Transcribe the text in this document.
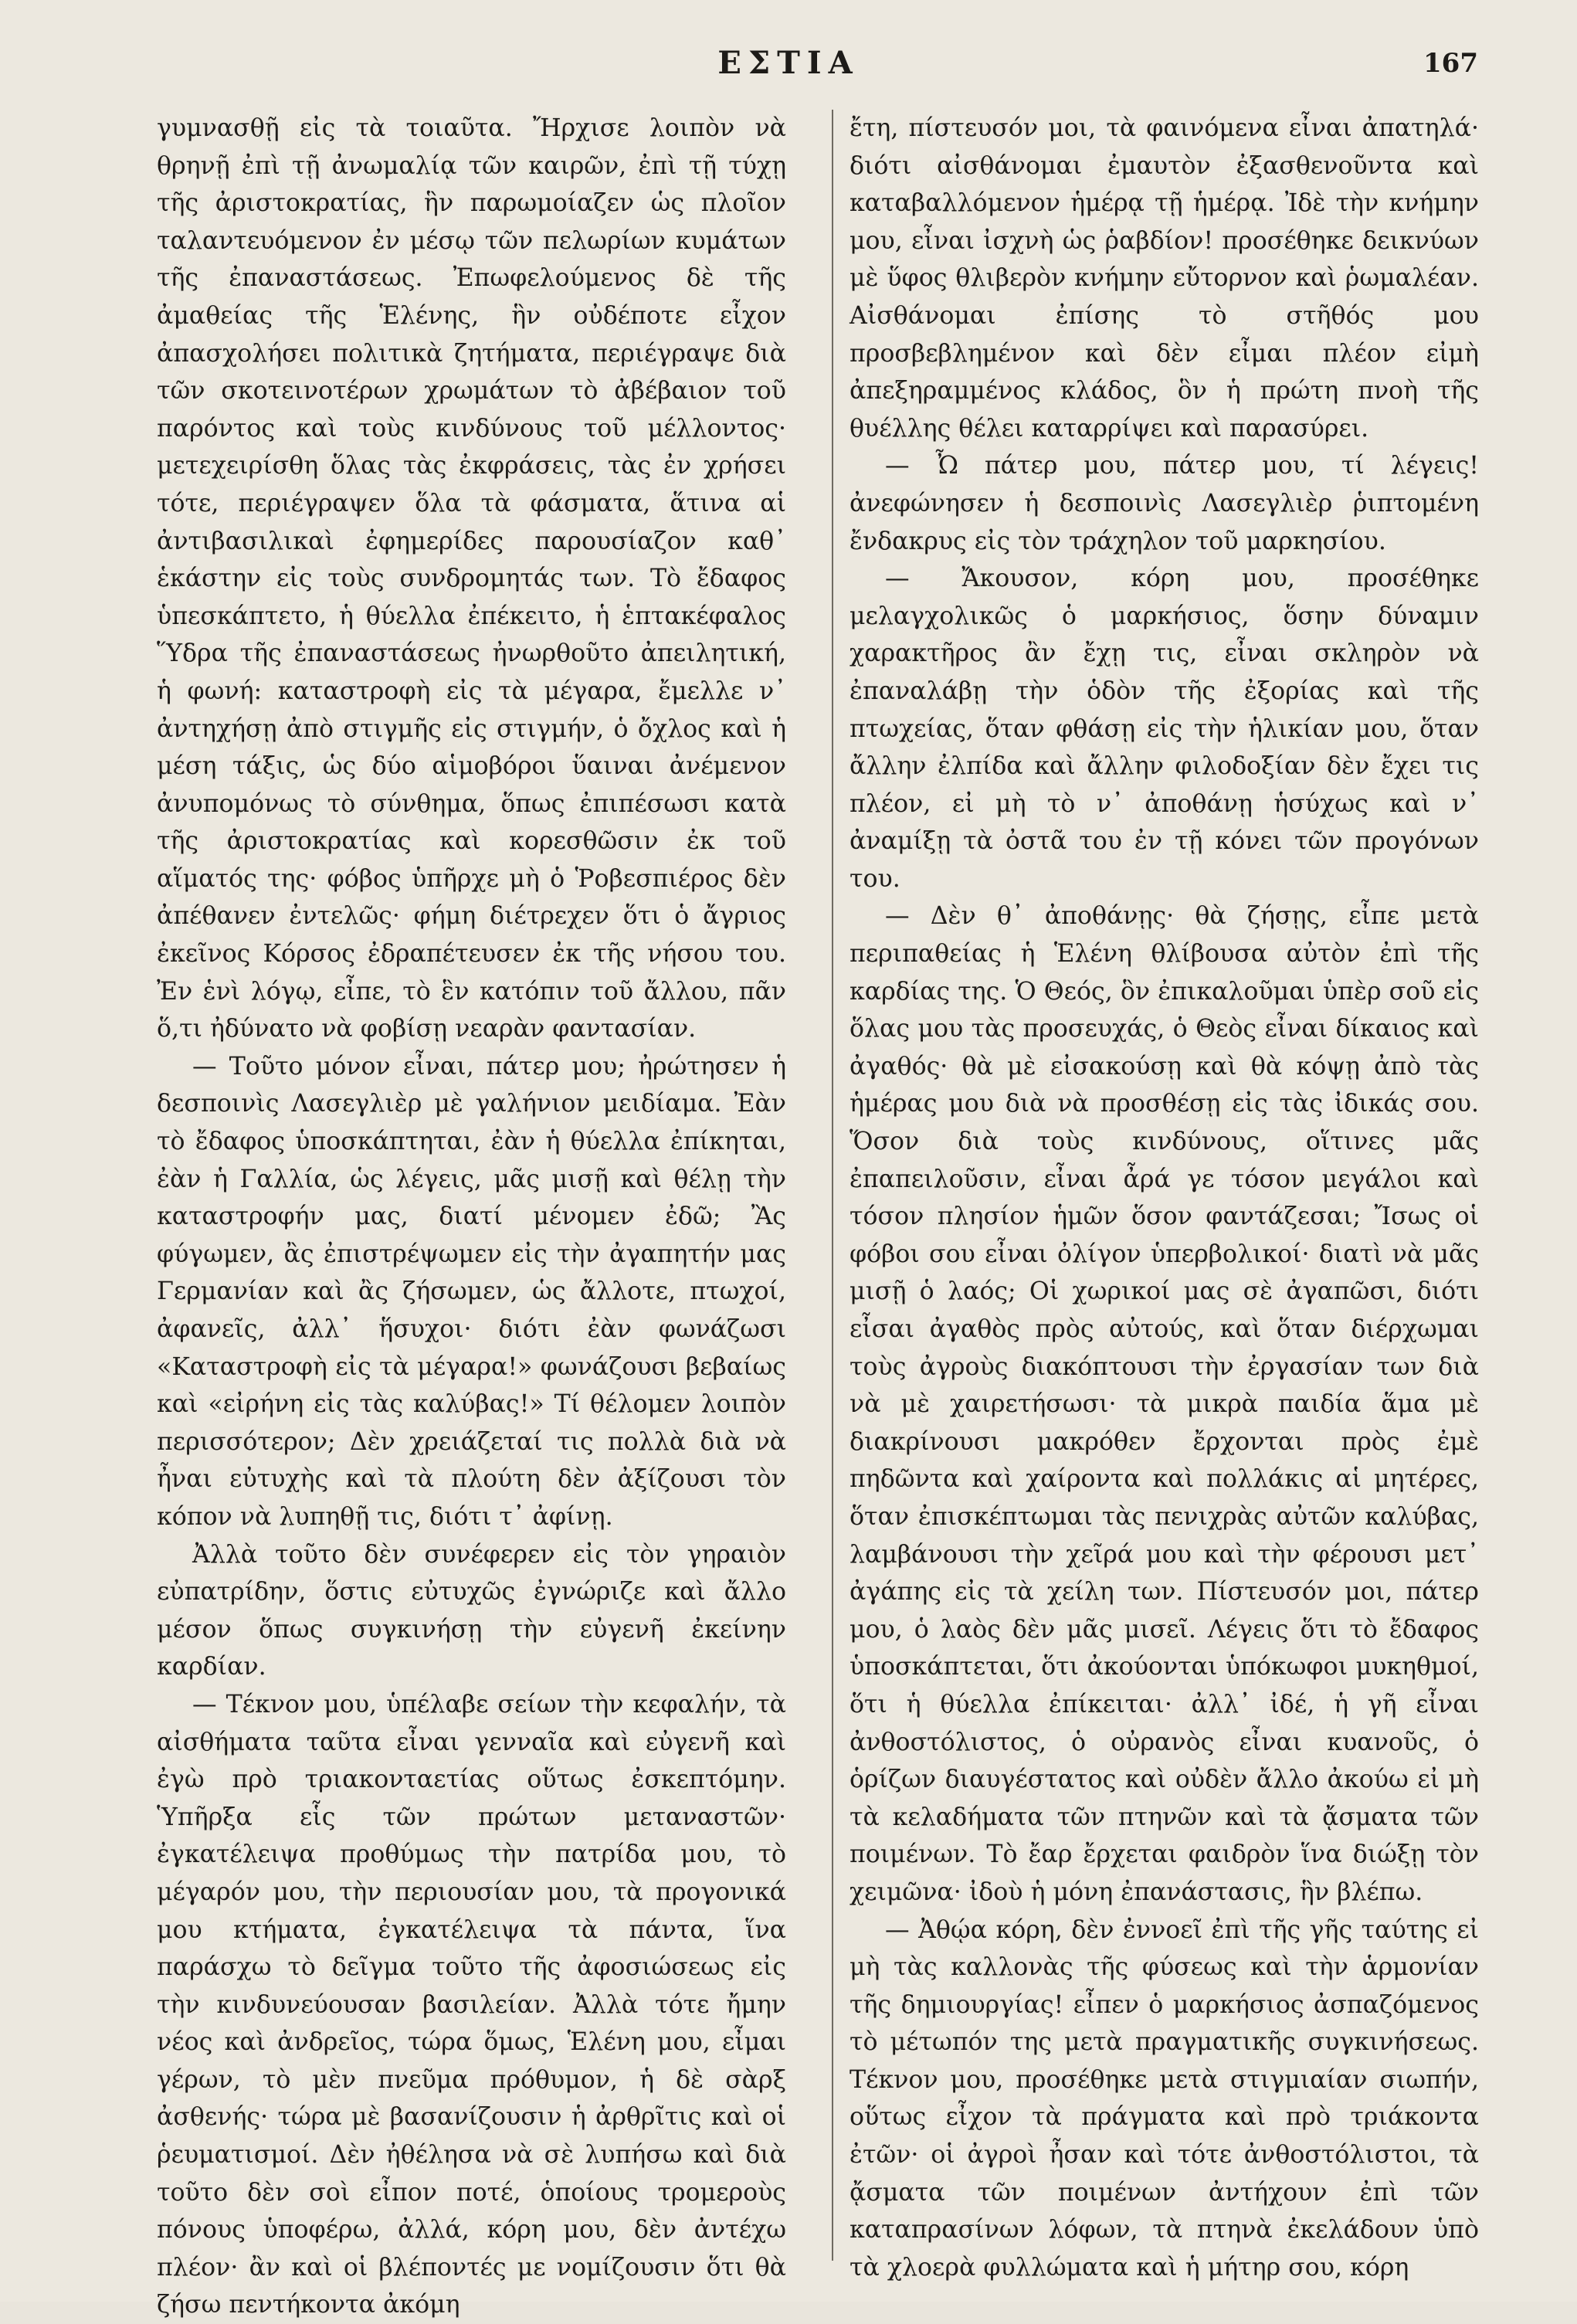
ΕΣΤΙΑ	167

γυμνασθῇ εἰς τὰ τοιαῦτα. Ἤρχισε λοιπὸν νὰ θρηνῇ ἐπὶ τῇ ἀνωμαλίᾳ τῶν καιρῶν, ἐπὶ τῇ τύχῃ τῆς ἀριστοκρατίας, ἣν παρωμοίαζεν ὡς πλοῖον ταλαντευόμενον ἐν μέσῳ τῶν πελωρίων κυμάτων τῆς ἐπαναστάσεως. Ἐπωφελούμενος δὲ τῆς ἀμαθείας τῆς Ἑλένης, ἣν οὐδέποτε εἶχον ἀπασχολήσει πολιτικὰ ζητήματα, περιέγραψε διὰ τῶν σκοτεινοτέρων χρωμάτων τὸ ἀβέβαιον τοῦ παρόντος καὶ τοὺς κινδύνους τοῦ μέλλοντος· μετεχειρίσθη ὅλας τὰς ἐκφράσεις, τὰς ἐν χρήσει τότε, περιέγραψεν ὅλα τὰ φάσματα, ἅτινα αἱ ἀντιβασιλικαὶ ἐφημερίδες παρουσίαζον καθ᾽ ἑκάστην εἰς τοὺς συνδρομητάς των. Τὸ ἔδαφος ὑπεσκάπτετο, ἡ θύελλα ἐπέκειτο, ἡ ἑπτακέφαλος Ὕδρα τῆς ἐπαναστάσεως ἠνωρθοῦτο ἀπειλητική, ἡ φωνή: καταστροφὴ εἰς τὰ μέγαρα, ἔμελλε ν᾽ ἀντηχήσῃ ἀπὸ στιγμῆς εἰς στιγμήν, ὁ ὄχλος καὶ ἡ μέση τάξις, ὡς δύο αἱμοβόροι ὕαιναι ἀνέμενον ἀνυπομόνως τὸ σύνθημα, ὅπως ἐπιπέσωσι κατὰ τῆς ἀριστοκρατίας καὶ κορεσθῶσιν ἐκ τοῦ αἵματός της· φόβος ὑπῆρχε μὴ ὁ Ῥοβεσπιέρος δὲν ἀπέθανεν ἐντελῶς· φήμη διέτρεχεν ὅτι ὁ ἄγριος ἐκεῖνος Κόρσος ἐδραπέτευσεν ἐκ τῆς νήσου του. Ἐν ἑνὶ λόγῳ, εἶπε, τὸ ἓν κατόπιν τοῦ ἄλλου, πᾶν ὅ,τι ἠδύνατο νὰ φοβίσῃ νεαρὰν φαντασίαν.

— Τοῦτο μόνον εἶναι, πάτερ μου; ἠρώτησεν ἡ δεσποινὶς Λασεγλιὲρ μὲ γαλήνιον μειδίαμα. Ἐὰν τὸ ἔδαφος ὑποσκάπτηται, ἐὰν ἡ θύελλα ἐπίκηται, ἐὰν ἡ Γαλλία, ὡς λέγεις, μᾶς μισῇ καὶ θέλῃ τὴν καταστροφήν μας, διατί μένομεν ἐδῶ; Ἂς φύγωμεν, ἂς ἐπιστρέψωμεν εἰς τὴν ἀγαπητήν μας Γερμανίαν καὶ ἂς ζήσωμεν, ὡς ἄλλοτε, πτωχοί, ἀφανεῖς, ἀλλ᾽ ἥσυχοι· διότι ἐὰν φωνάζωσι «Καταστροφὴ εἰς τὰ μέγαρα!» φωνάζουσι βεβαίως καὶ «εἰρήνη εἰς τὰς καλύβας!» Τί θέλομεν λοιπὸν περισσότερον; Δὲν χρειάζεταί τις πολλὰ διὰ νὰ ἦναι εὐτυχὴς καὶ τὰ πλούτη δὲν ἀξίζουσι τὸν κόπον νὰ λυπηθῇ τις, διότι τ᾽ ἀφίνῃ.

Ἀλλὰ τοῦτο δὲν συνέφερεν εἰς τὸν γηραιὸν εὐπατρίδην, ὅστις εὐτυχῶς ἐγνώριζε καὶ ἄλλο μέσον ὅπως συγκινήσῃ τὴν εὐγενῆ ἐκείνην καρδίαν.

— Τέκνον μου, ὑπέλαβε σείων τὴν κεφαλήν, τὰ αἰσθήματα ταῦτα εἶναι γενναῖα καὶ εὐγενῆ καὶ ἐγὼ πρὸ τριακονταετίας οὕτως ἐσκεπτόμην. Ὑπῆρξα εἷς τῶν πρώτων μεταναστῶν· ἐγκατέλειψα προθύμως τὴν πατρίδα μου, τὸ μέγαρόν μου, τὴν περιουσίαν μου, τὰ προγονικά μου κτήματα, ἐγκατέλειψα τὰ πάντα, ἵνα παράσχω τὸ δεῖγμα τοῦτο τῆς ἀφοσιώσεως εἰς τὴν κινδυνεύουσαν βασιλείαν. Ἀλλὰ τότε ἤμην νέος καὶ ἀνδρεῖος, τώρα ὅμως, Ἑλένη μου, εἶμαι γέρων, τὸ μὲν πνεῦμα πρόθυμον, ἡ δὲ σὰρξ ἀσθενής· τώρα μὲ βασανίζουσιν ἡ ἀρθρῖτις καὶ οἱ ῥευματισμοί. Δὲν ἠθέλησα νὰ σὲ λυπήσω καὶ διὰ τοῦτο δὲν σοὶ εἶπον ποτέ, ὁποίους τρομεροὺς πόνους ὑποφέρω, ἀλλά, κόρη μου, δὲν ἀντέχω πλέον· ἂν καὶ οἱ βλέποντές με νομίζουσιν ὅτι θὰ ζήσω πεντήκοντα ἀκόμη

ἔτη, πίστευσόν μοι, τὰ φαινόμενα εἶναι ἀπατηλά· διότι αἰσθάνομαι ἐμαυτὸν ἐξασθενοῦντα καὶ καταβαλλόμενον ἡμέρᾳ τῇ ἡμέρᾳ. Ἰδὲ τὴν κνήμην μου, εἶναι ἰσχνὴ ὡς ῥαβδίον! προσέθηκε δεικνύων μὲ ὕφος θλιβερὸν κνήμην εὔτορνον καὶ ῥωμαλέαν. Αἰσθάνομαι ἐπίσης τὸ στῆθός μου προσβεβλημένον καὶ δὲν εἶμαι πλέον εἰμὴ ἀπεξηραμμένος κλάδος, ὃν ἡ πρώτη πνοὴ τῆς θυέλλης θέλει καταρρίψει καὶ παρασύρει.

— Ὦ πάτερ μου, πάτερ μου, τί λέγεις! ἀνεφώνησεν ἡ δεσποινὶς Λασεγλιὲρ ῥιπτομένη ἔνδακρυς εἰς τὸν τράχηλον τοῦ μαρκησίου.

— Ἄκουσον, κόρη μου, προσέθηκε μελαγχολικῶς ὁ μαρκήσιος, ὅσην δύναμιν χαρακτῆρος ἂν ἔχῃ τις, εἶναι σκληρὸν νὰ ἐπαναλάβῃ τὴν ὁδὸν τῆς ἐξορίας καὶ τῆς πτωχείας, ὅταν φθάσῃ εἰς τὴν ἡλικίαν μου, ὅταν ἄλλην ἐλπίδα καὶ ἄλλην φιλοδοξίαν δὲν ἔχει τις πλέον, εἰ μὴ τὸ ν᾽ ἀποθάνῃ ἡσύχως καὶ ν᾽ ἀναμίξῃ τὰ ὀστᾶ του ἐν τῇ κόνει τῶν προγόνων του.

— Δὲν θ᾽ ἀποθάνῃς· θὰ ζήσῃς, εἶπε μετὰ περιπαθείας ἡ Ἑλένη θλίβουσα αὐτὸν ἐπὶ τῆς καρδίας της. Ὁ Θεός, ὃν ἐπικαλοῦμαι ὑπὲρ σοῦ εἰς ὅλας μου τὰς προσευχάς, ὁ Θεὸς εἶναι δίκαιος καὶ ἀγαθός· θὰ μὲ εἰσακούσῃ καὶ θὰ κόψῃ ἀπὸ τὰς ἡμέρας μου διὰ νὰ προσθέσῃ εἰς τὰς ἰδικάς σου. Ὅσον διὰ τοὺς κινδύνους, οἵτινες μᾶς ἐπαπειλοῦσιν, εἶναι ἆρά γε τόσον μεγάλοι καὶ τόσον πλησίον ἡμῶν ὅσον φαντάζεσαι; Ἴσως οἱ φόβοι σου εἶναι ὀλίγον ὑπερβολικοί· διατὶ νὰ μᾶς μισῇ ὁ λαός; Οἱ χωρικοί μας σὲ ἀγαπῶσι, διότι εἶσαι ἀγαθὸς πρὸς αὐτούς, καὶ ὅταν διέρχωμαι τοὺς ἀγροὺς διακόπτουσι τὴν ἐργασίαν των διὰ νὰ μὲ χαιρετήσωσι· τὰ μικρὰ παιδία ἅμα μὲ διακρίνουσι μακρόθεν ἔρχονται πρὸς ἐμὲ πηδῶντα καὶ χαίροντα καὶ πολλάκις αἱ μητέρες, ὅταν ἐπισκέπτωμαι τὰς πενιχρὰς αὐτῶν καλύβας, λαμβάνουσι τὴν χεῖρά μου καὶ τὴν φέρουσι μετ᾽ ἀγάπης εἰς τὰ χείλη των. Πίστευσόν μοι, πάτερ μου, ὁ λαὸς δὲν μᾶς μισεῖ. Λέγεις ὅτι τὸ ἔδαφος ὑποσκάπτεται, ὅτι ἀκούονται ὑπόκωφοι μυκηθμοί, ὅτι ἡ θύελλα ἐπίκειται· ἀλλ᾽ ἰδέ, ἡ γῆ εἶναι ἀνθοστόλιστος, ὁ οὐρανὸς εἶναι κυανοῦς, ὁ ὁρίζων διαυγέστατος καὶ οὐδὲν ἄλλο ἀκούω εἰ μὴ τὰ κελαδήματα τῶν πτηνῶν καὶ τὰ ᾄσματα τῶν ποιμένων. Τὸ ἔαρ ἔρχεται φαιδρὸν ἵνα διώξῃ τὸν χειμῶνα· ἰδοὺ ἡ μόνη ἐπανάστασις, ἣν βλέπω.

— Ἀθῴα κόρη, δὲν ἐννοεῖ ἐπὶ τῆς γῆς ταύτης εἰ μὴ τὰς καλλονὰς τῆς φύσεως καὶ τὴν ἁρμονίαν τῆς δημιουργίας! εἶπεν ὁ μαρκήσιος ἀσπαζόμενος τὸ μέτωπόν της μετὰ πραγματικῆς συγκινήσεως. Τέκνον μου, προσέθηκε μετὰ στιγμιαίαν σιωπήν, οὕτως εἶχον τὰ πράγματα καὶ πρὸ τριάκοντα ἐτῶν· οἱ ἀγροὶ ἦσαν καὶ τότε ἀνθοστόλιστοι, τὰ ᾄσματα τῶν ποιμένων ἀντήχουν ἐπὶ τῶν καταπρασίνων λόφων, τὰ πτηνὰ ἐκελάδουν ὑπὸ τὰ χλοερὰ φυλλώματα καὶ ἡ μήτηρ σου, κόρη
